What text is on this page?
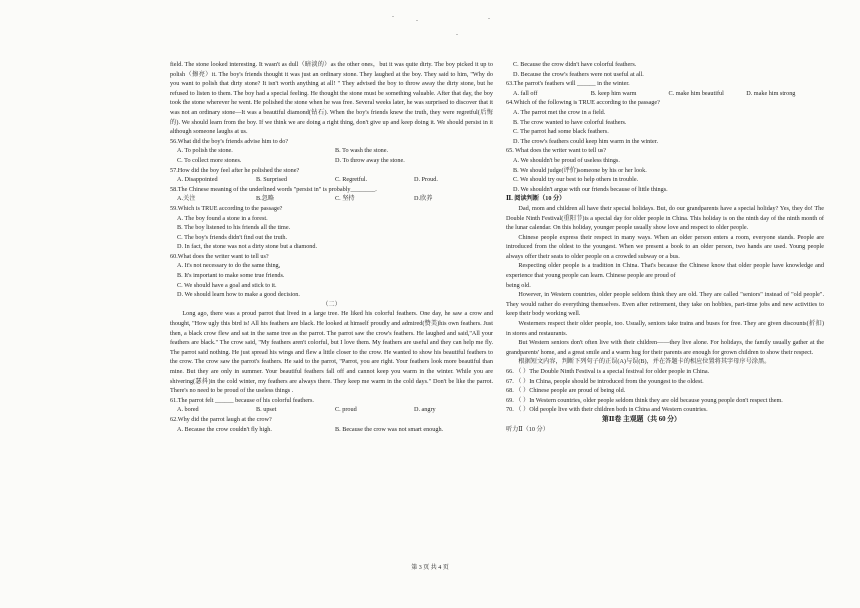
field. The stone looked interesting. It wasn't as dull（暗淡的）as the other ones，but it was quite dirty. The boy picked it up to polish（擦亮）it. The boy's friends thought it was just an ordinary stone. They laughed at the boy. They said to him, "Why do you want to polish that dirty stone? It isn't worth anything at all! " They advised the boy to throw away the dirty stone, but he refused to listen to them. The boy had a special feeling. He thought the stone must be something valuable. After that day, the boy took the stone wherever he went. He polished the stone when he was free. Several weeks later, he was surprised to discover that it was not an ordinary stone—It was a beautiful diamond(钻石). When the boy's friends knew the truth, they were regretful(后悔的). We should learn from the boy. If we think we are doing a right thing, don't give up and keep doing it. We should persist in it although someone laughs at us.

56.What did the boy's friends advise him to do?

A. To polish the stone.	B. To wash the stone.
C. To collect more stones.	D. To throw away the stone.

57.How did the boy feel after he polished the stone?

A. Disappointed	B. Surprised	C. Regretful.	D. Proud.

58.The Chinese meaning of the underlined words "persist in" is probably________.

A.关注	B.忽略	C. 坚持	D.欣养

59.Which is TRUE according to the passage?

A. The boy found a stone in a forest.
B. The boy listened to his friends all the time.
C. The boy's friends didn't find out the truth.
D. In fact, the stone was not a dirty stone but a diamond.

60.What does the writer want to tell us?

A. It's not necessary to do the same thing,
B. It's important to make some true friends.
C. We should have a goal and stick to it.
D. We should learn how to make a good decision.

（二）

Long ago, there was a proud parrot that lived in a large tree. He liked his colorful feathers. One day, he saw a crow and thought, "How ugly this bird is! All his feathers are black. He looked at himself proudly and admired(赞美)his own feathers. Just then, a black crow flew and sat in the same tree as the parrot. The parrot saw the crow's feathers. He laughed and said,"All your feathers are black." The crow said, "My feathers aren't colorful, but I love them. My feathers are useful and they can help me fly. The parrot said nothing. He just spread his wings and flew a little closer to the crow. He wanted to show his beautiful feathers to the crow. The crow saw the parrot's feathers. He said to the parrot, "Parrot, you are right. Your feathers look more beautiful than mine. But they are only in summer. Your beautiful feathers fall off and cannot keep you warm in the winter. While you are shivering(瑟抖)in the cold winter, my feathers are always there. They keep me warm in the cold days." Don't be like the parrot. There's no need to be proud of the useless things .

61.The parrot felt ______ because of his colorful feathers.

A. bored	B. upset	C. proud	D. angry

62.Why did the parrot laugh at the crow?

A. Because the crow couldn't fly high.	B. Because the crow was not smart enough.
C. Because the crow didn't have colorful feathers.
D. Because the crow's feathers were not useful at all.

63.The parrot's feathers will ______ in the winter.

A. fall off	B. keep him warm	C. make him beautiful	D. make him strong

64.Which of the following is TRUE according to the passage?

A. The parrot met the crow in a field.
B. The crow wanted to have colorful feathers.
C. The parrot had some black feathers.
D. The crow's feathers could keep him warm in the winter.

65. What does the writer want to tell us?

A. We shouldn't be proud of useless things.
B. We should judge(评价)someone by his or her look.
C. We should try our best to help others in trouble.
D. We shouldn't argue with our friends because of little things.

Ⅱ. 阅读判断（10 分）

Dad, mom and children all have their special holidays. But, do our grandparents have a special holiday? Yes, they do! The Double Ninth Festival(重阳节)is a special day for older people in China. This holiday is on the ninth day of the ninth month of the lunar calendar. On this holiday, younger people usually show love and respect to older people.

Chinese people express their respect in many ways. When an older person enters a room, everyone stands. People are introduced from the oldest to the youngest. When we present a book to an older person, two hands are used. Young people always offer their seats to older people on a crowded subway or a bus.

Respecting older people is a tradition in China. That's because the Chinese know that older people have knowledge and experience that young people can learn. Chinese people are proud of

being old.

However, in Western countries, older people seldom think they are old. They are called "seniors" instead of "old people". They would rather do everything themselves. Even after retirement, they take on hobbies, part-time jobs and new activities to keep their body working well.

Westerners respect their older people, too. Usually, seniors take trains and buses for free. They are given discounts(折扣) in stores and restaurants.

But Western seniors don't often live with their children——they live alone. For holidays, the family usually gather at the grandparents' home, and a great smile and a warm hug for their parents are enough for grown children to show their respect.

根据短文内容，判断下列句子的正误(A)与误(B)，并在答题卡的相应位置将其字母序号涂黑。

66. （ ）The Double Ninth Festival is a special festival for older people in China.

67. （ ）In China, people should be introduced from the youngest to the oldest.

68. （ ）Chinese people are proud of being old.

69. （ ）In Western countries, older people seldom think they are old because young people don't respect them.

70. （ ）Old people live with their children both in China and Western countries.

第Ⅱ卷 主观题（共 60 分）

听力Ⅱ（10 分）

第 3 页 共 4 页
